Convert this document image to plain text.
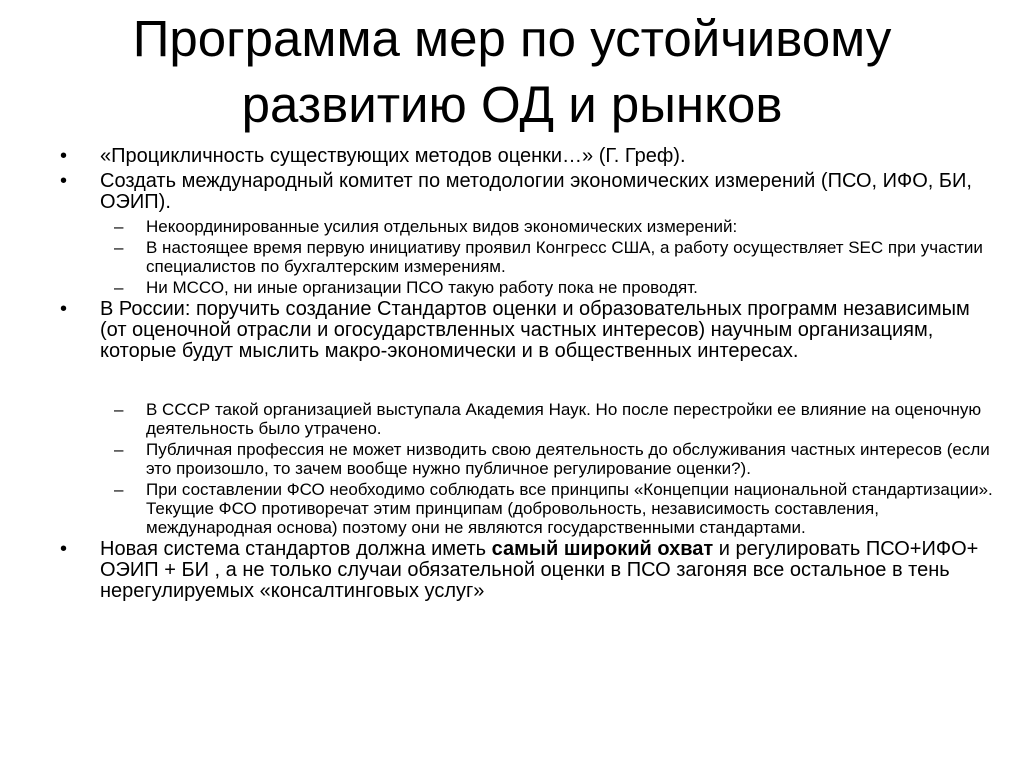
Программа мер по устойчивому
развитию ОД и рынков
•	«Процикличность существующих методов оценки…» (Г. Греф).
•	Создать международный комитет по методологии экономических измерений (ПСО, ИФО, БИ, ОЭИП).
– Некоординированные усилия отдельных видов экономических измерений:
– В настоящее время первую инициативу проявил Конгресс США, а работу осуществляет SEC при участии специалистов по бухгалтерским измерениям.
– Ни МССО, ни иные организации ПСО такую работу пока не проводят.
•	В России: поручить создание Стандартов оценки и образовательных программ независимым (от оценочной отрасли и огосударствленных частных интересов) научным организациям, которые будут мыслить макро-экономически и в общественных интересах.
– В СССР такой организацией выступала Академия Наук. Но после перестройки ее влияние на оценочную деятельность было утрачено.
– Публичная профессия не может низводить свою деятельность до обслуживания частных интересов (если это произошло, то зачем вообще нужно публичное регулирование оценки?).
– При составлении ФСО необходимо соблюдать все принципы «Концепции национальной стандартизации». Текущие ФСО противоречат этим принципам (добровольность, независимость составления, международная основа) поэтому они не являются государственными стандартами.
•	Новая система стандартов должна иметь самый широкий охват и регулировать ПСО+ИФО+ ОЭИП + БИ , а не только случаи обязательной оценки в ПСО загоняя все остальное в тень нерегулируемых «консалтинговых услуг»
